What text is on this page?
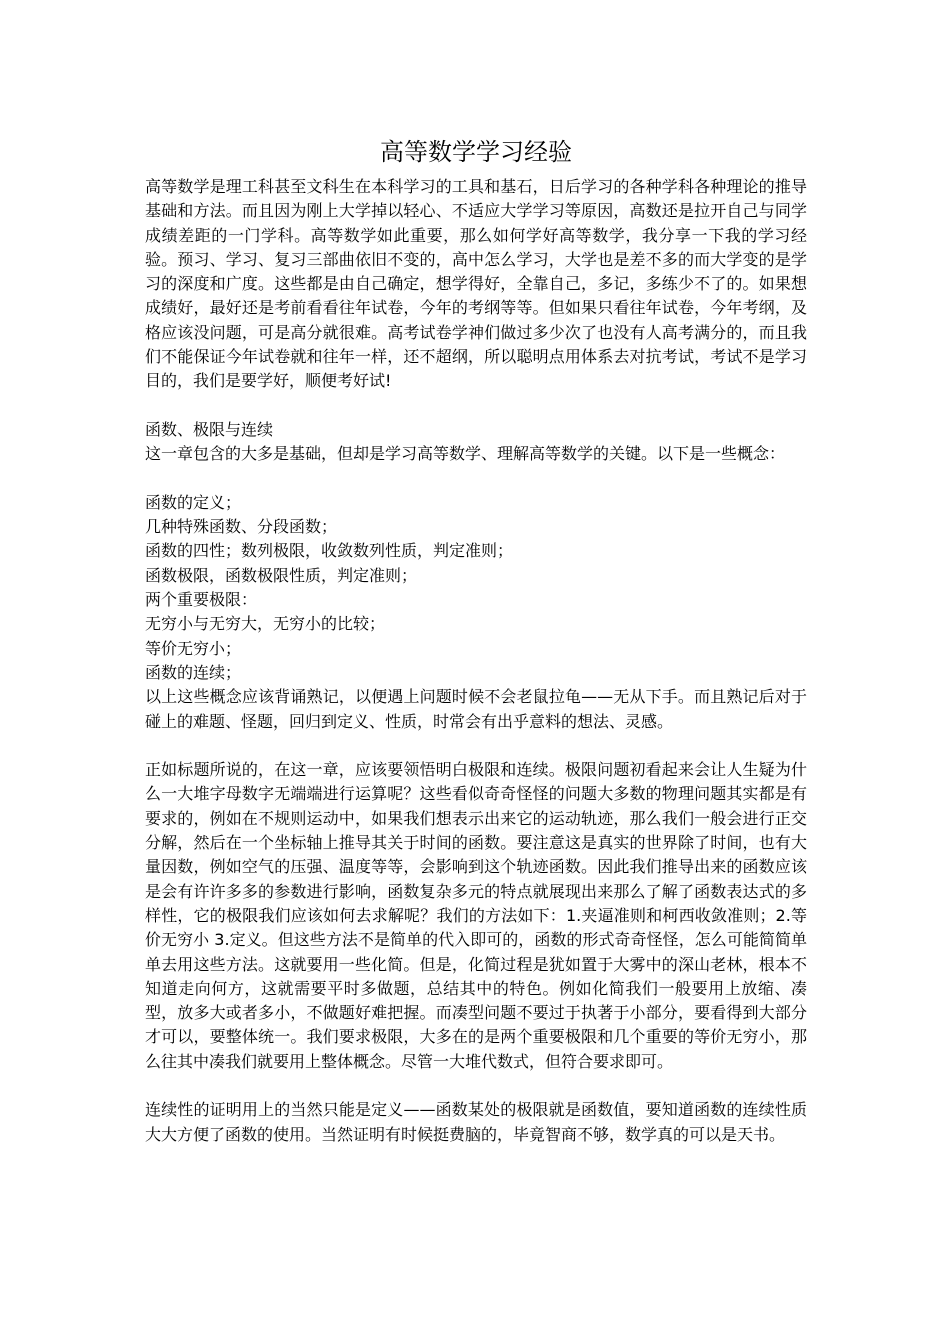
高等数学学习经验

高等数学是理工科甚至文科生在本科学习的工具和基石，日后学习的各种学科各种理论的推导基础和方法。而且因为刚上大学掉以轻心、不适应大学学习等原因，高数还是拉开自己与同学成绩差距的一门学科。高等数学如此重要，那么如何学好高等数学，我分享一下我的学习经验。预习、学习、复习三部曲依旧不变的，高中怎么学习，大学也是差不多的而大学变的是学习的深度和广度。这些都是由自己确定，想学得好，全靠自己，多记，多练少不了的。如果想成绩好，最好还是考前看看往年试卷，今年的考纲等等。但如果只看往年试卷，今年考纲，及格应该没问题，可是高分就很难。高考试卷学神们做过多少次了也没有人高考满分的，而且我们不能保证今年试卷就和往年一样，还不超纲，所以聪明点用体系去对抗考试，考试不是学习目的，我们是要学好，顺便考好试!

函数、极限与连续

这一章包含的大多是基础，但却是学习高等数学、理解高等数学的关键。以下是一些概念：

函数的定义；

几种特殊函数、分段函数；

函数的四性；数列极限，收敛数列性质，判定准则；

函数极限，函数极限性质，判定准则；

两个重要极限：

无穷小与无穷大，无穷小的比较；

等价无穷小；

函数的连续；

以上这些概念应该背诵熟记，以便遇上问题时候不会老鼠拉龟——无从下手。而且熟记后对于碰上的难题、怪题，回归到定义、性质，时常会有出乎意料的想法、灵感。

正如标题所说的，在这一章，应该要领悟明白极限和连续。极限问题初看起来会让人生疑为什么一大堆字母数字无端端进行运算呢？这些看似奇奇怪怪的问题大多数的物理问题其实都是有要求的，例如在不规则运动中，如果我们想表示出来它的运动轨迹，那么我们一般会进行正交分解，然后在一个坐标轴上推导其关于时间的函数。要注意这是真实的世界除了时间，也有大量因数，例如空气的压强、温度等等，会影响到这个轨迹函数。因此我们推导出来的函数应该是会有许许多多的参数进行影响，函数复杂多元的特点就展现出来那么了解了函数表达式的多样性，它的极限我们应该如何去求解呢？我们的方法如下：1.夹逼准则和柯西收敛准则；2.等价无穷小 3.定义。但这些方法不是简单的代入即可的，函数的形式奇奇怪怪，怎么可能简简单单去用这些方法。这就要用一些化简。但是，化简过程是犹如置于大雾中的深山老林，根本不知道走向何方，这就需要平时多做题，总结其中的特色。例如化简我们一般要用上放缩、凑型，放多大或者多小，不做题好难把握。而凑型问题不要过于执著于小部分，要看得到大部分才可以，要整体统一。我们要求极限，大多在的是两个重要极限和几个重要的等价无穷小，那么往其中凑我们就要用上整体概念。尽管一大堆代数式，但符合要求即可。

连续性的证明用上的当然只能是定义——函数某处的极限就是函数值，要知道函数的连续性质大大方便了函数的使用。当然证明有时候挺费脑的，毕竟智商不够，数学真的可以是天书。
